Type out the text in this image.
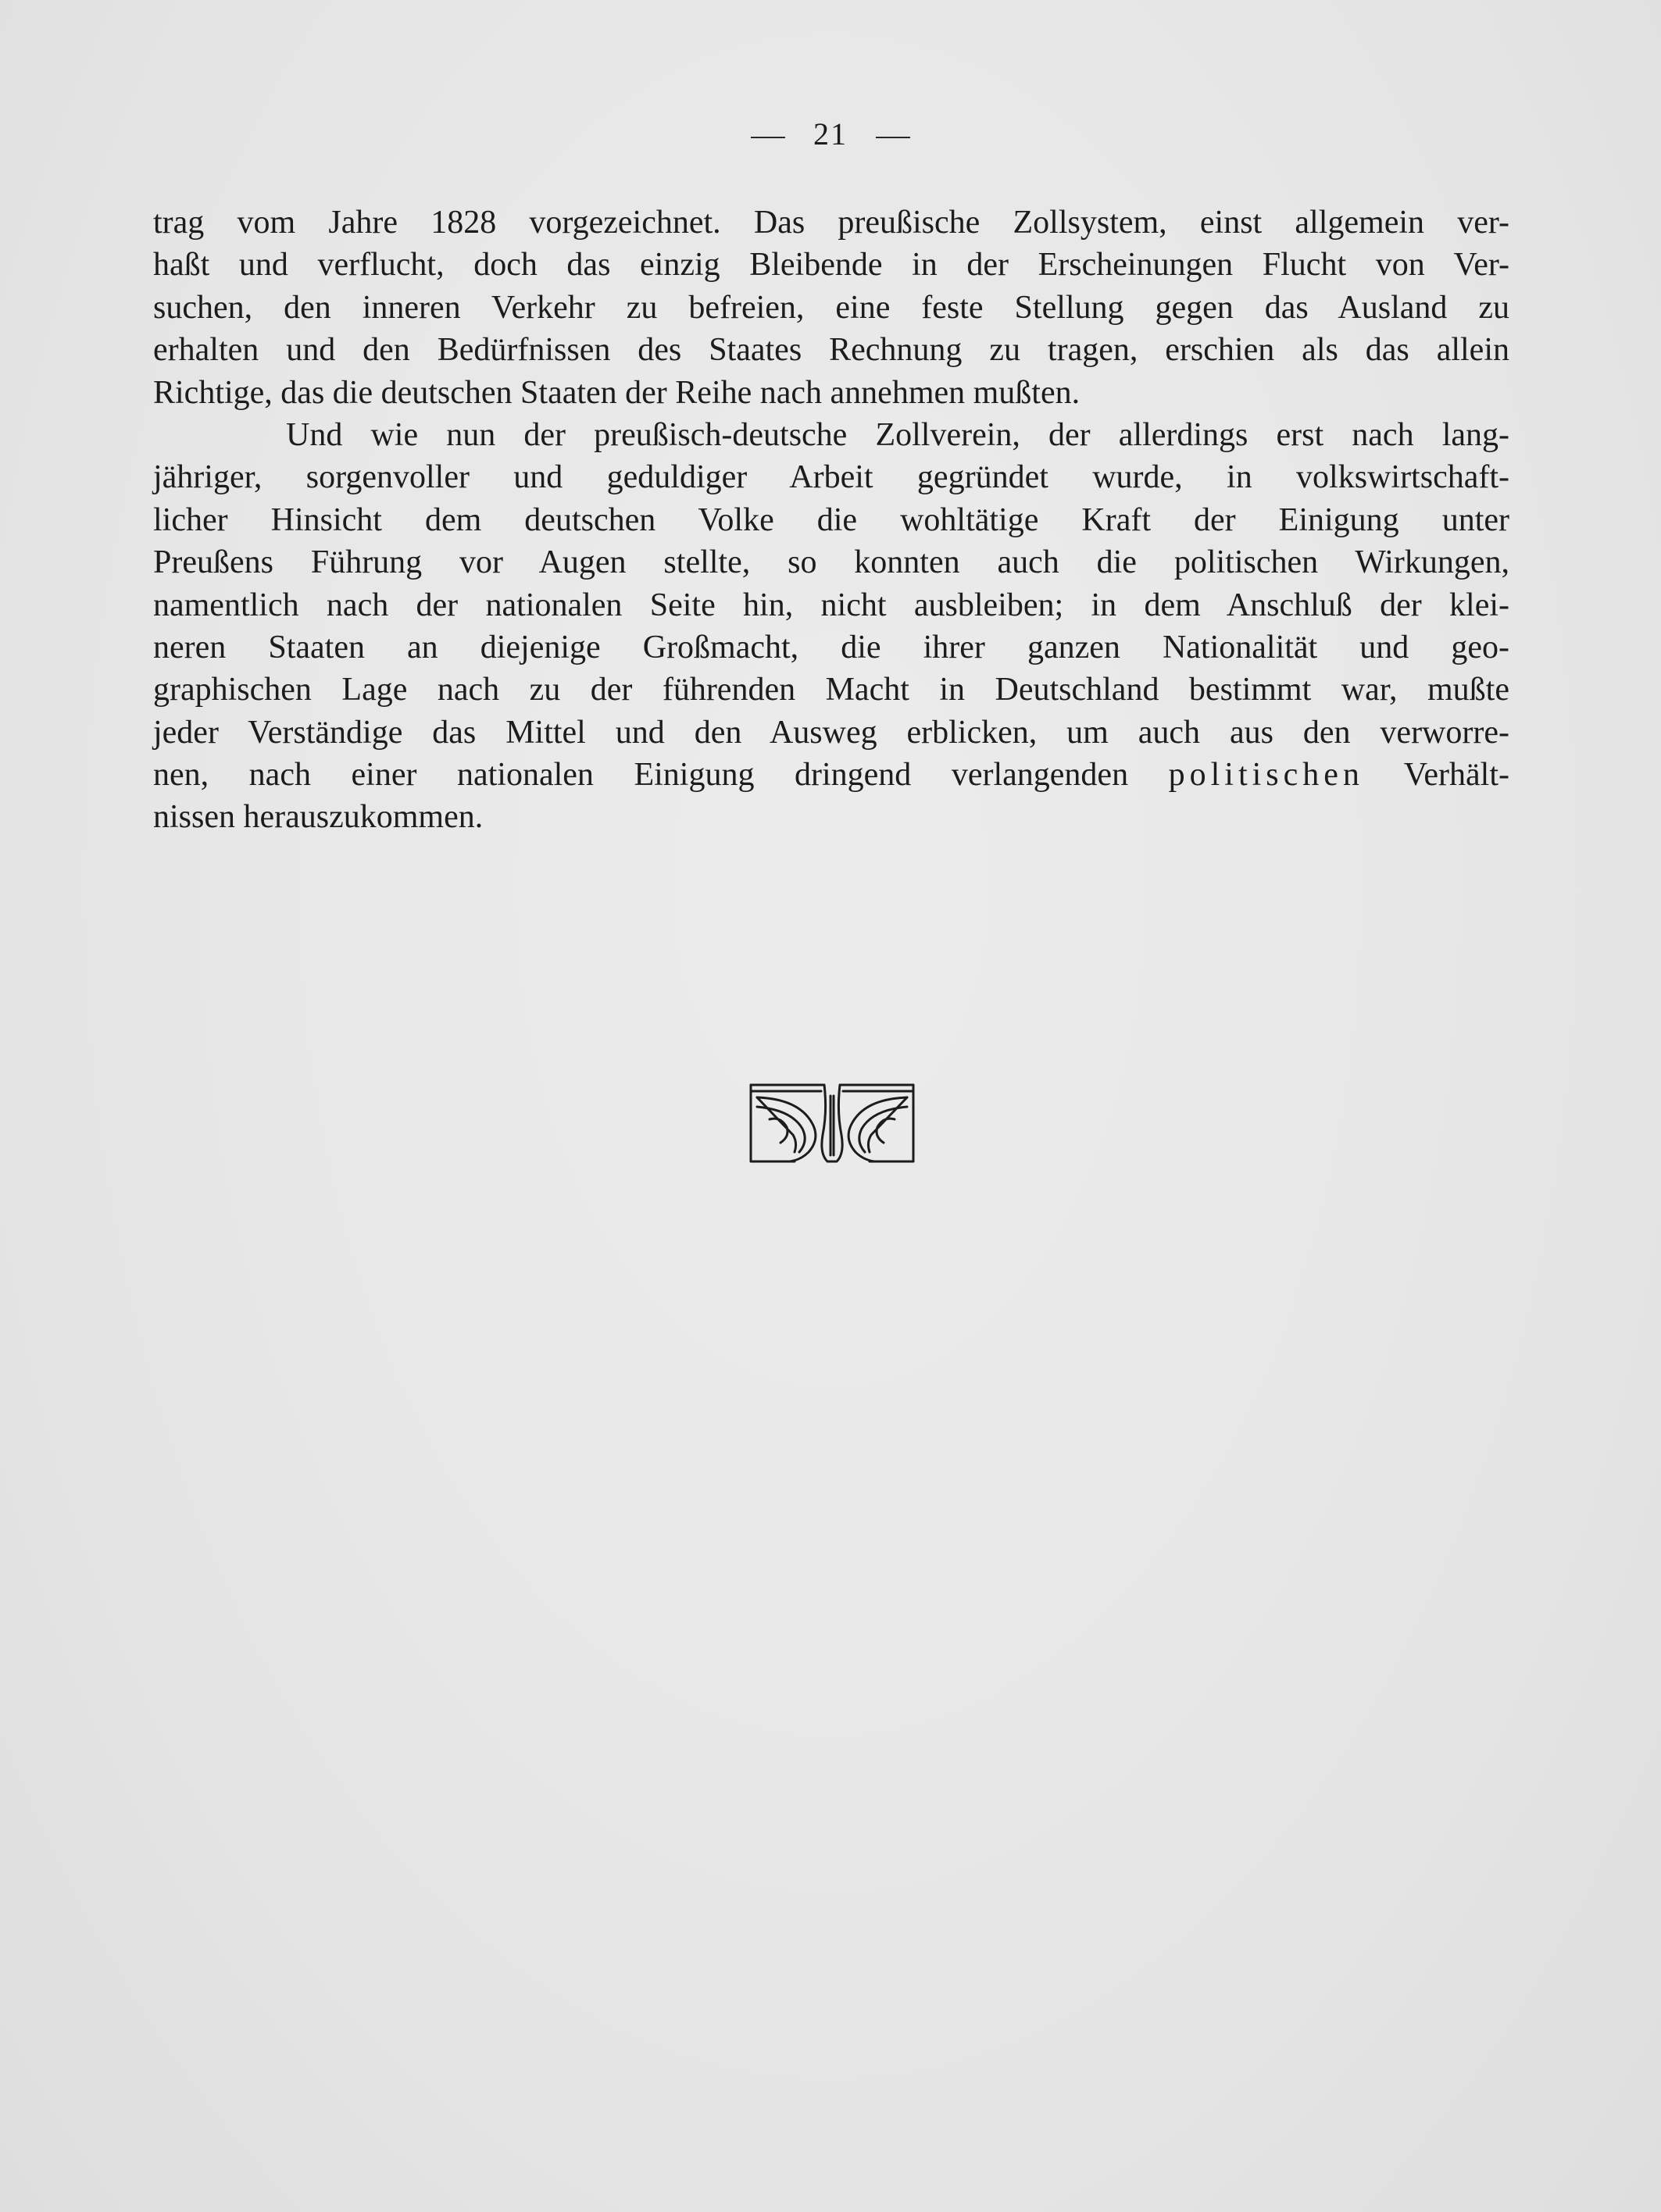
21
trag vom Jahre 1828 vorgezeichnet. Das preußische Zollsystem, einst allgemein ver-
haßt und verflucht, doch das einzig Bleibende in der Erscheinungen Flucht von Ver-
suchen, den inneren Verkehr zu befreien, eine feste Stellung gegen das Ausland zu
erhalten und den Bedürfnissen des Staates Rechnung zu tragen, erschien als das allein
Richtige, das die deutschen Staaten der Reihe nach annehmen mußten.
Und wie nun der preußisch-deutsche Zollverein, der allerdings erst nach lang-
jähriger, sorgenvoller und geduldiger Arbeit gegründet wurde, in volkswirtschaft-
licher Hinsicht dem deutschen Volke die wohltätige Kraft der Einigung unter
Preußens Führung vor Augen stellte, so konnten auch die politischen Wirkungen,
namentlich nach der nationalen Seite hin, nicht ausbleiben; in dem Anschluß der klei-
neren Staaten an diejenige Großmacht, die ihrer ganzen Nationalität und geo-
graphischen Lage nach zu der führenden Macht in Deutschland bestimmt war, mußte
jeder Verständige das Mittel und den Ausweg erblicken, um auch aus den verworre-
nen, nach einer nationalen Einigung dringend verlangenden politischen Verhält-
nissen herauszukommen.
